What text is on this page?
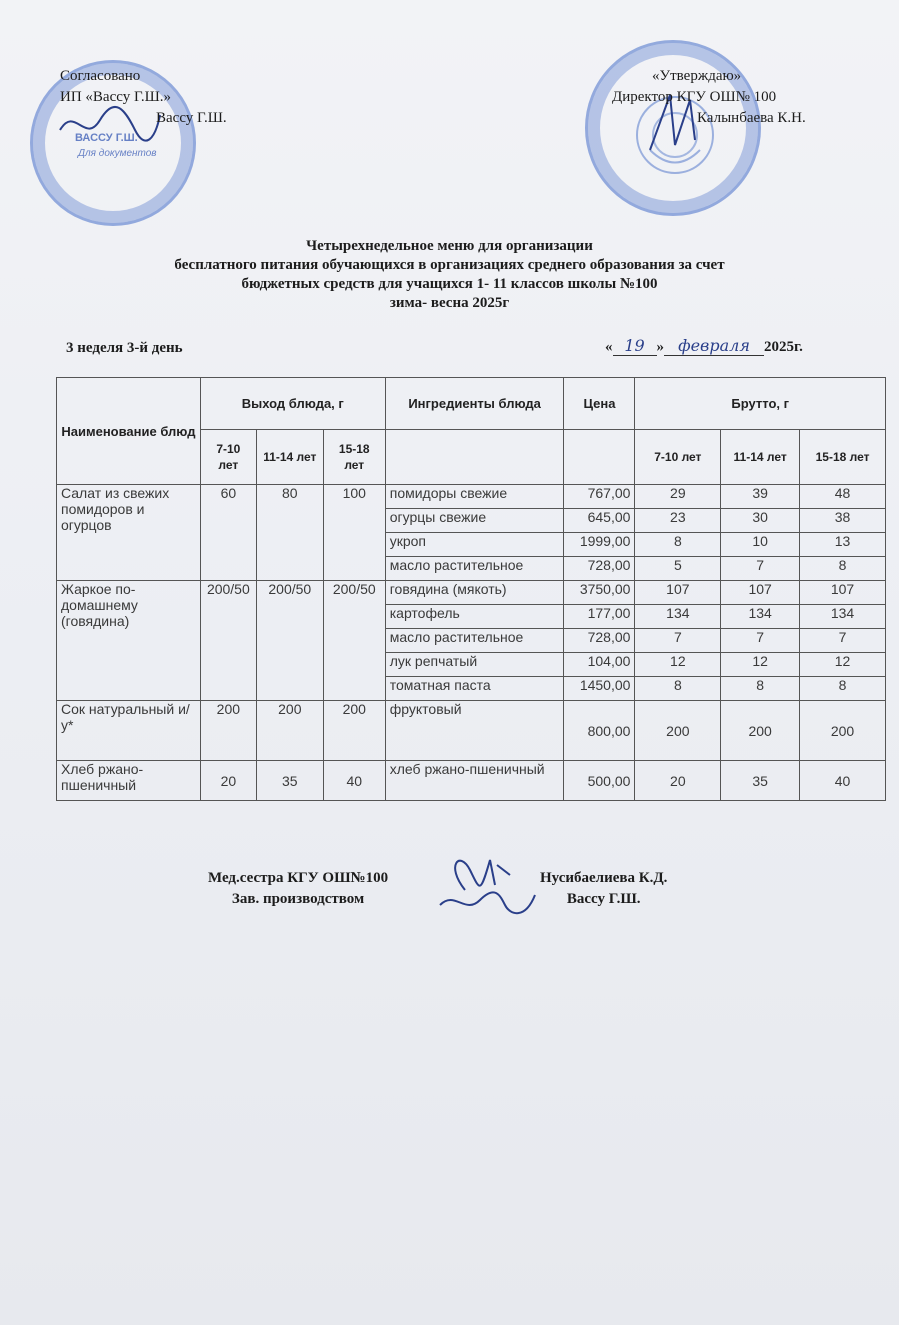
ВАССУ Г.Ш.
Для документов
Согласовано
ИП «Вассу Г.Ш.»
Вассу Г.Ш.
«Утверждаю»
Директор КГУ ОШ№ 100
Калынбаева К.Н.
Четырехнедельное меню для организации
бесплатного питания обучающихся в организациях среднего образования за счет
бюджетных средств для учащихся 1- 11 классов школы №100
зима- весна 2025г
3 неделя 3-й день	« 19 » февраля 2025г.
Наименование блюд	Выход блюда, г			Ингредиенты блюда	Цена	Брутто, г		
	7-10 лет	11-14 лет	15-18 лет			7-10 лет	11-14 лет	15-18 лет
Салат из свежих помидоров и огурцов	60	80	100	помидоры свежие	767,00	29	39	48
				огурцы свежие	645,00	23	30	38
				укроп	1999,00	8	10	13
				масло растительное	728,00	5	7	8
Жаркое по-домашнему (говядина)	200/50	200/50	200/50	говядина (мякоть)	3750,00	107	107	107
				картофель	177,00	134	134	134
				масло растительное	728,00	7	7	7
				лук репчатый	104,00	12	12	12
				томатная паста	1450,00	8	8	8
Сок натуральный и/у*	200	200	200	фруктовый	800,00	200	200	200
Хлеб ржано-пшеничный	20	35	40	хлеб ржано-пшеничный	500,00	20	35	40
Мед.сестра КГУ ОШ№100
Зав. производством
Нусибаелиева К.Д.
Вассу Г.Ш.
